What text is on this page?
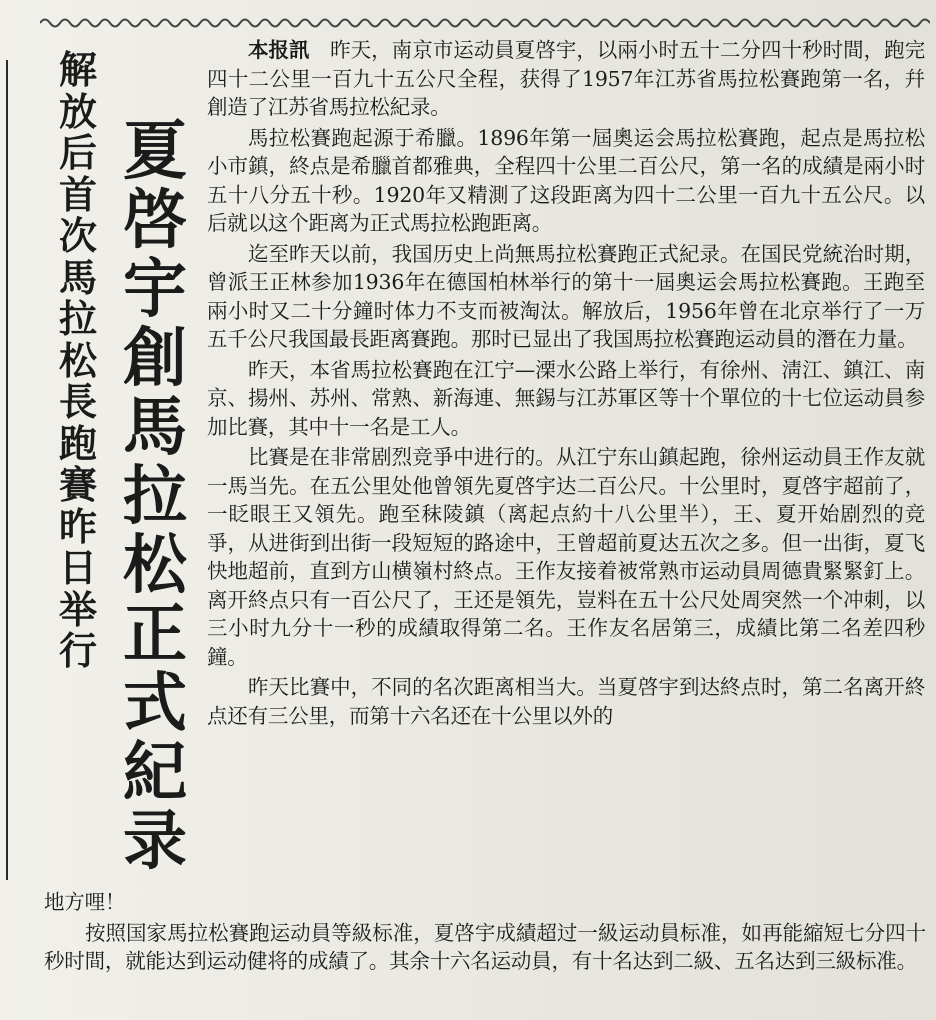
解
放
后
首
次
馬
拉
松
長
跑
賽
昨
日
举
行
夏
啓
宇
創
馬
拉
松
正
式
紀
录

本报訊　 昨天，南京市运动員夏啓宇，以兩小时五十二分四十秒时間，跑完四十二公里一百九十五公尺全程，获得了1957年江苏省馬拉松賽跑第一名，幷創造了江苏省馬拉松紀录。

馬拉松賽跑起源于希臘。1896年第一屆奧运会馬拉松賽跑，起点是馬拉松小市鎮，終点是希臘首都雅典，全程四十公里二百公尺，第一名的成績是兩小时五十八分五十秒。1920年又精測了这段距离为四十二公里一百九十五公尺。以后就以这个距离为正式馬拉松跑距离。

迄至昨天以前，我国历史上尚無馬拉松賽跑正式紀录。在国民党統治时期，曾派王正林参加1936年在德国柏林举行的第十一屆奧运会馬拉松賽跑。王跑至兩小时又二十分鐘时体力不支而被淘汰。解放后，1956年曾在北京举行了一万五千公尺我国最長距离賽跑。那时已显出了我国馬拉松賽跑运动員的潛在力量。

昨天，本省馬拉松賽跑在江宁—溧水公路上举行，有徐州、淸江、鎮江、南京、揚州、苏州、常熟、新海連、無錫与江苏軍区等十个單位的十七位运动員参加比賽，其中十一名是工人。

比賽是在非常剧烈竞爭中进行的。从江宁东山鎮起跑，徐州运动員王作友就一馬当先。在五公里处他曾領先夏啓宇达二百公尺。十公里时，夏啓宇超前了，一眨眼王又領先。跑至秣陵鎮（离起点約十八公里半），王、夏开始剧烈的竞爭，从进街到出街一段短短的路途中，王曾超前夏达五次之多。但一出街，夏飞快地超前，直到方山横嶺村終点。王作友接着被常熟市运动員周德貴緊緊釘上。离开終点只有一百公尺了，王还是領先，豈料在五十公尺处周突然一个冲刺，以三小时九分十一秒的成績取得第二名。王作友名居第三，成績比第二名差四秒鐘。

昨天比賽中，不同的名次距离相当大。当夏啓宇到达終点时，第二名离开終点还有三公里，而第十六名还在十公里以外的

地方哩！

按照国家馬拉松賽跑运动員等級标准，夏啓宇成績超过一級运动員标准，如再能縮短七分四十秒时間，就能达到运动健将的成績了。其余十六名运动員，有十名达到二級、五名达到三級标准。
